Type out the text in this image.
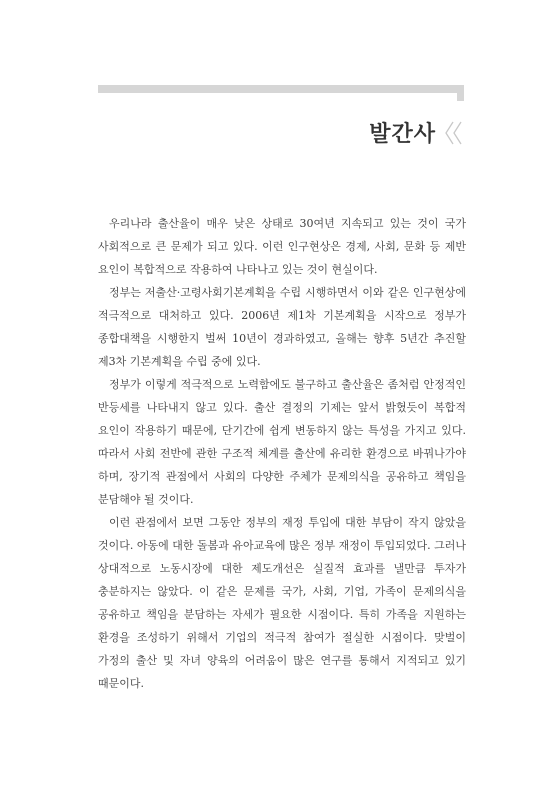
발간사

우리나라 출산율이 매우 낮은 상태로 30여년 지속되고 있는 것이 국가 사회적으로 큰 문제가 되고 있다. 이런 인구현상은 경제, 사회, 문화 등 제반 요인이 복합적으로 작용하여 나타나고 있는 것이 현실이다.

정부는 저출산·고령사회기본계획을 수립 시행하면서 이와 같은 인구현상에 적극적으로 대처하고 있다. 2006년 제1차 기본계획을 시작으로 정부가 종합대책을 시행한지 벌써 10년이 경과하였고, 올해는 향후 5년간 추진할 제3차 기본계획을 수립 중에 있다.

정부가 이렇게 적극적으로 노력함에도 불구하고 출산율은 좀처럼 안정적인 반등세를 나타내지 않고 있다. 출산 결정의 기제는 앞서 밝혔듯이 복합적 요인이 작용하기 때문에, 단기간에 쉽게 변동하지 않는 특성을 가지고 있다. 따라서 사회 전반에 관한 구조적 체계를 출산에 유리한 환경으로 바꿔나가야 하며, 장기적 관점에서 사회의 다양한 주체가 문제의식을 공유하고 책임을 분담해야 될 것이다.

이런 관점에서 보면 그동안 정부의 재정 투입에 대한 부담이 작지 않았을 것이다. 아동에 대한 돌봄과 유아교육에 많은 정부 재정이 투입되었다. 그러나 상대적으로 노동시장에 대한 제도개선은 실질적 효과를 낼만큼 투자가 충분하지는 않았다. 이 같은 문제를 국가, 사회, 기업, 가족이 문제의식을 공유하고 책임을 분담하는 자세가 필요한 시점이다. 특히 가족을 지원하는 환경을 조성하기 위해서 기업의 적극적 참여가 절실한 시점이다. 맞벌이 가정의 출산 및 자녀 양육의 어려움이 많은 연구를 통해서 지적되고 있기 때문이다.
